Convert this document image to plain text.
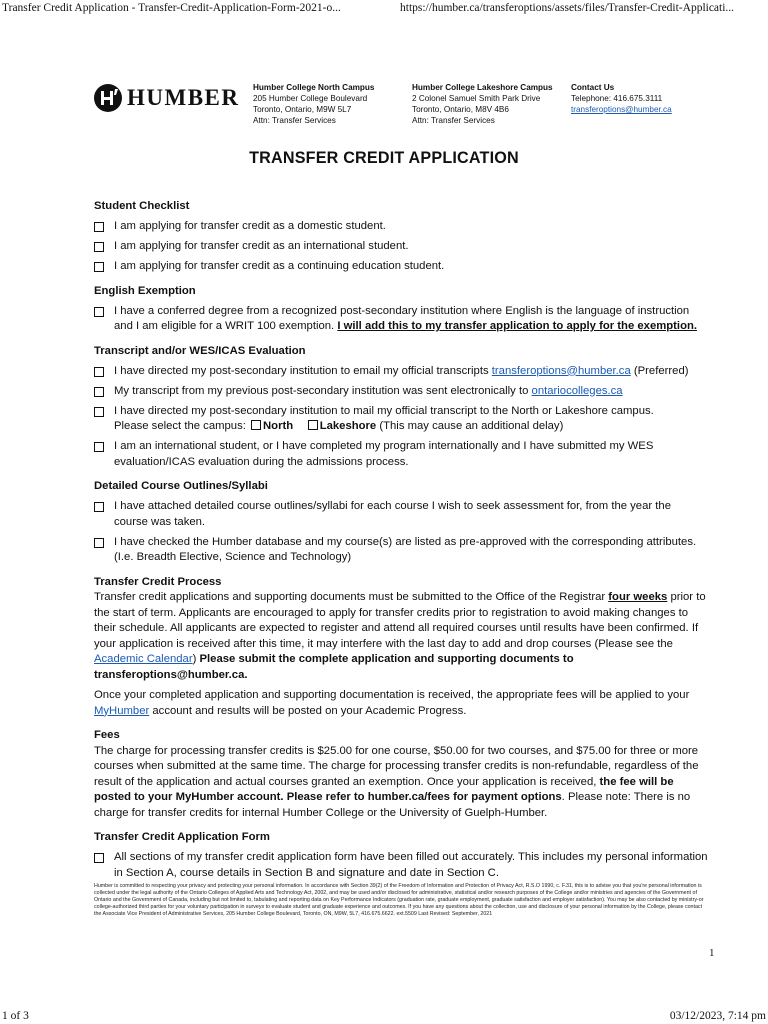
Transfer Credit Application - Transfer-Credit-Application-Form-2021-o...	https://humber.ca/transferoptions/assets/files/Transfer-Credit-Applicati...
HUMBER Humber College North Campus
205 Humber College Boulevard
Toronto, Ontario, M9W 5L7
Attn: Transfer Services
Humber College Lakeshore Campus
2 Colonel Samuel Smith Park Drive
Toronto, Ontario, M8V 4B6
Attn: Transfer Services
Contact Us
Telephone: 416.675.3111
transferoptions@humber.ca
TRANSFER CREDIT APPLICATION
Student Checklist
I am applying for transfer credit as a domestic student.
I am applying for transfer credit as an international student.
I am applying for transfer credit as a continuing education student.
English Exemption
I have a conferred degree from a recognized post-secondary institution where English is the language of instruction and I am eligible for a WRIT 100 exemption. I will add this to my transfer application to apply for the exemption.
Transcript and/or WES/ICAS Evaluation
I have directed my post-secondary institution to email my official transcripts transferoptions@humber.ca (Preferred)
My transcript from my previous post-secondary institution was sent electronically to ontariocolleges.ca
I have directed my post-secondary institution to mail my official transcript to the North or Lakeshore campus.
Please select the campus: North Lakeshore (This may cause an additional delay)
I am an international student, or I have completed my program internationally and I have submitted my WES evaluation/ICAS evaluation during the admissions process.
Detailed Course Outlines/Syllabi
I have attached detailed course outlines/syllabi for each course I wish to seek assessment for, from the year the course was taken.
I have checked the Humber database and my course(s) are listed as pre-approved with the corresponding attributes. (I.e. Breadth Elective, Science and Technology)
Transfer Credit Process

Transfer credit applications and supporting documents must be submitted to the Office of the Registrar four weeks prior to the start of term. Applicants are encouraged to apply for transfer credits prior to registration to avoid making changes to their schedule. All applicants are expected to register and attend all required courses until results have been confirmed. If your application is received after this time, it may interfere with the last day to add and drop courses (Please see the Academic Calendar) Please submit the complete application and supporting documents to transferoptions@humber.ca.

Once your completed application and supporting documentation is received, the appropriate fees will be applied to your MyHumber account and results will be posted on your Academic Progress.

Fees

The charge for processing transfer credits is $25.00 for one course, $50.00 for two courses, and $75.00 for three or more courses when submitted at the same time. The charge for processing transfer credits is non-refundable, regardless of the result of the application and actual courses granted an exemption. Once your application is received, the fee will be posted to your MyHumber account. Please refer to humber.ca/fees for payment options. Please note: There is no charge for transfer credits for internal Humber College or the University of Guelph-Humber.

Transfer Credit Application Form
All sections of my transfer credit application form have been filled out accurately. This includes my personal information in Section A, course details in Section B and signature and date in Section C.
Humber is committed to respecting your privacy and protecting your personal information. In accordance with Section 39(2) of the Freedom of Information and Protection of Privacy Act, R.S.O 1990, c. F.31, this is to advise you that you're personal information is collected under the legal authority of the Ontario Colleges of Applied Arts and Technology Act, 2002, and may be used and/or disclosed for administrative, statistical and/or research purposes of the College and/or ministries and agencies of the Government of Ontario and the Government of Canada, including but not limited to, tabulating and reporting data on Key Performance Indicators (graduation rate, graduate employment, graduate satisfaction and employer satisfaction). You may be also contacted by ministry-or college-authorized third parties for your voluntary participation in surveys to evaluate student and graduate experience and outcomes. If you have any questions about the collection, use and disclosure of your personal information by the College, please contact the Associate Vice President of Administrative Services, 205 Humber College Boulevard, Toronto, ON, M9W, 5L7, 416.675.6622. ext.5509 Last Revised: September, 2021
1
1 of 3	03/12/2023, 7:14 pm
